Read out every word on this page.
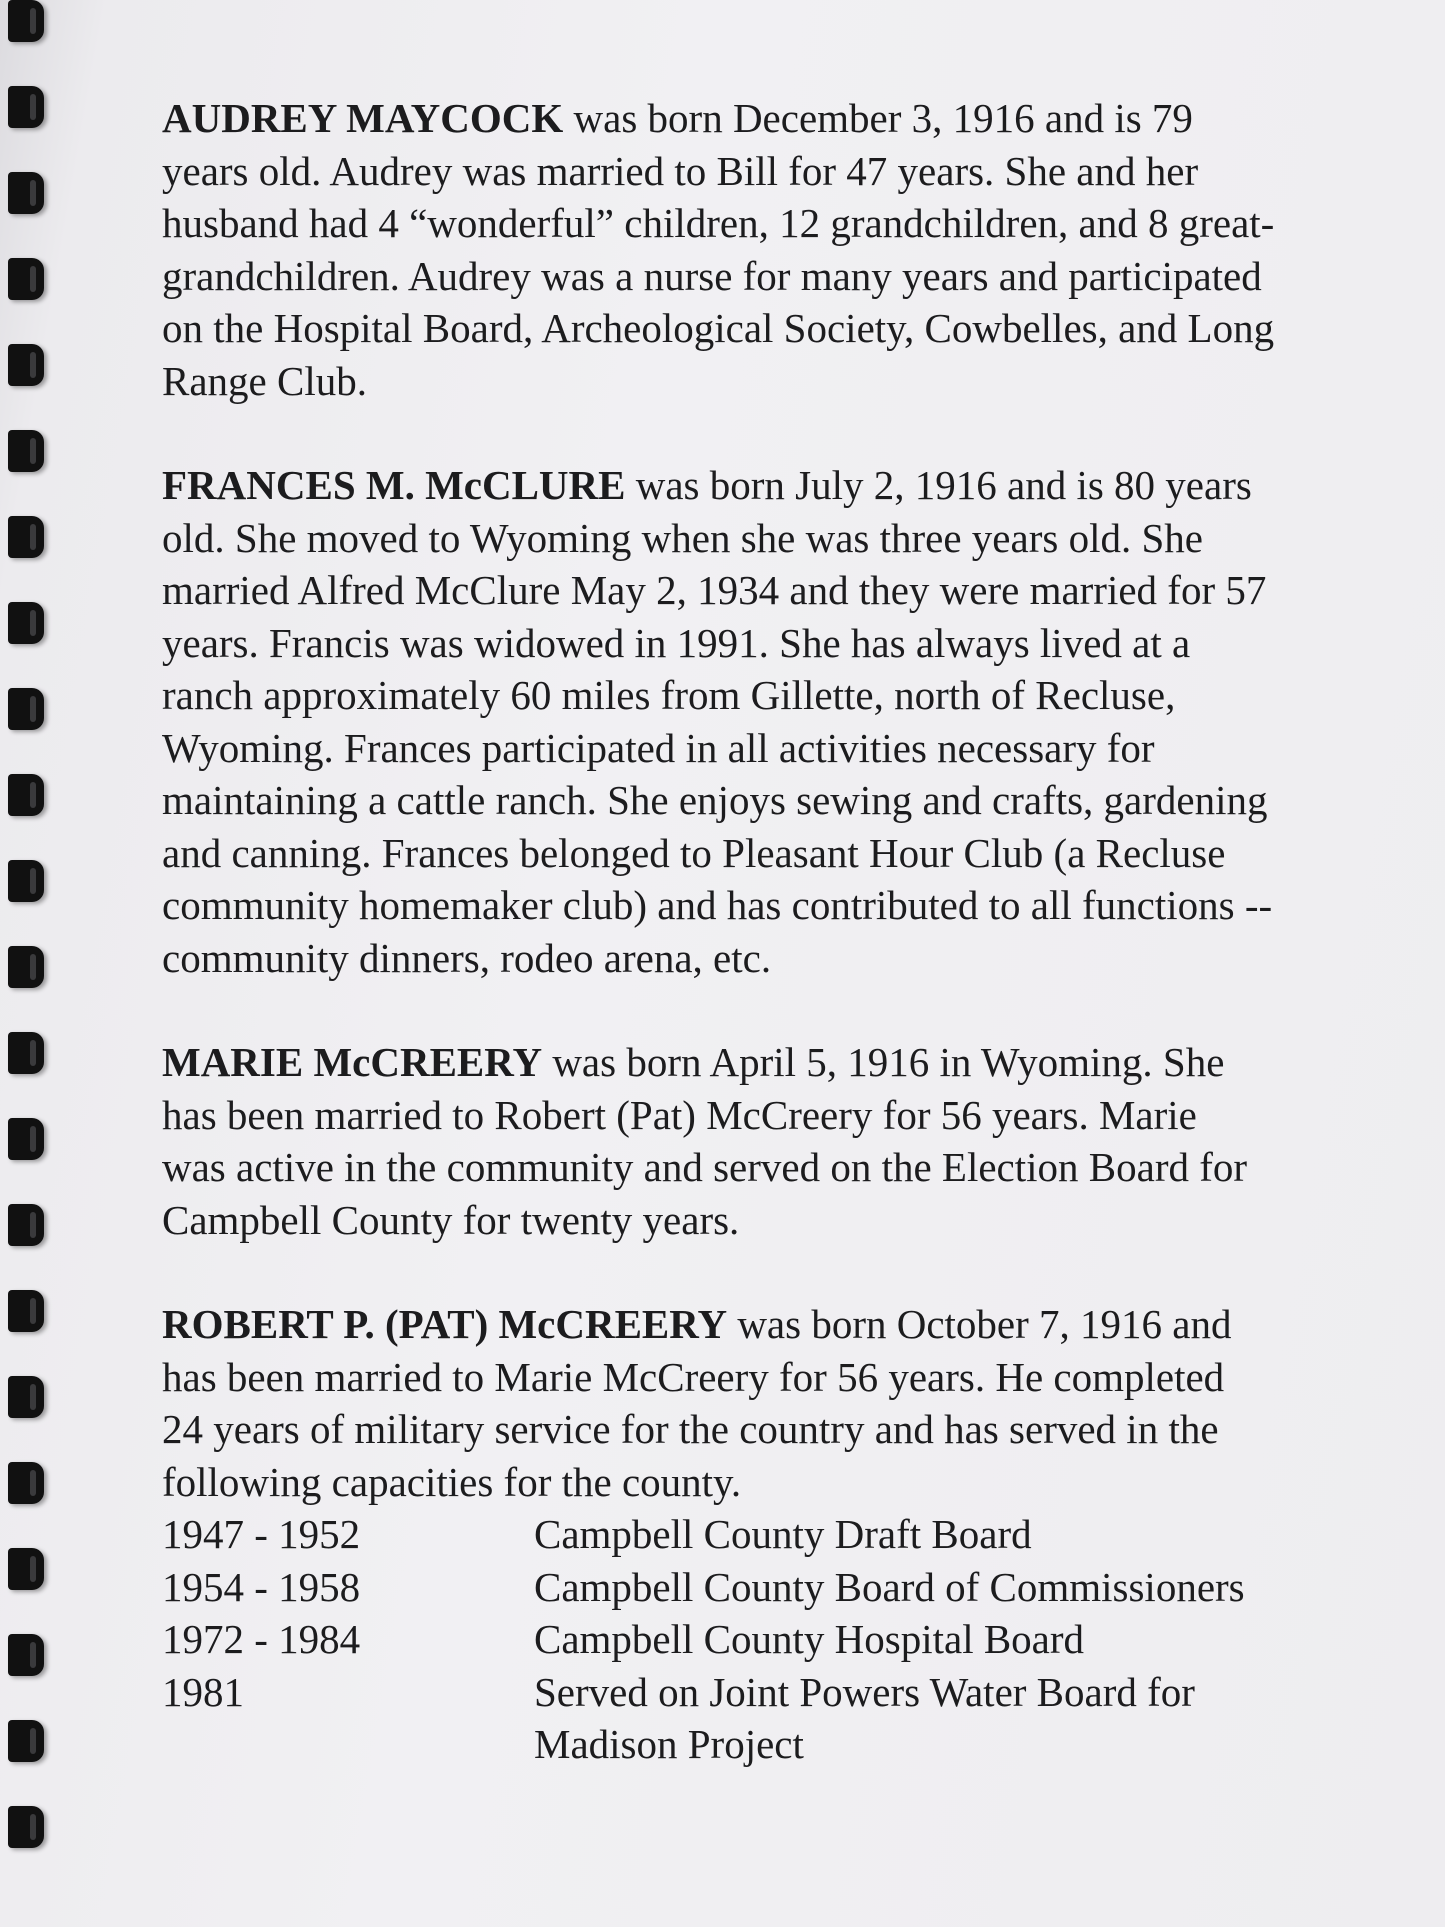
AUDREY MAYCOCK was born December 3, 1916 and is 79
years old. Audrey was married to Bill for 47 years. She and her
husband had 4 “wonderful” children, 12 grandchildren, and 8 great-
grandchildren. Audrey was a nurse for many years and participated
on the Hospital Board, Archeological Society, Cowbelles, and Long
Range Club.
FRANCES M. McCLURE was born July 2, 1916 and is 80 years
old. She moved to Wyoming when she was three years old. She
married Alfred McClure May 2, 1934 and they were married for 57
years. Francis was widowed in 1991. She has always lived at a
ranch approximately 60 miles from Gillette, north of Recluse,
Wyoming. Frances participated in all activities necessary for
maintaining a cattle ranch. She enjoys sewing and crafts, gardening
and canning. Frances belonged to Pleasant Hour Club (a Recluse
community homemaker club) and has contributed to all functions --
community dinners, rodeo arena, etc.
MARIE McCREERY was born April 5, 1916 in Wyoming. She
has been married to Robert (Pat) McCreery for 56 years. Marie
was active in the community and served on the Election Board for
Campbell County for twenty years.
ROBERT P. (PAT) McCREERY was born October 7, 1916 and
has been married to Marie McCreery for 56 years. He completed
24 years of military service for the country and has served in the
following capacities for the county.
1947 - 1952	Campbell County Draft Board
1954 - 1958	Campbell County Board of Commissioners
1972 - 1984	Campbell County Hospital Board
1981	Served on Joint Powers Water Board for Madison Project
